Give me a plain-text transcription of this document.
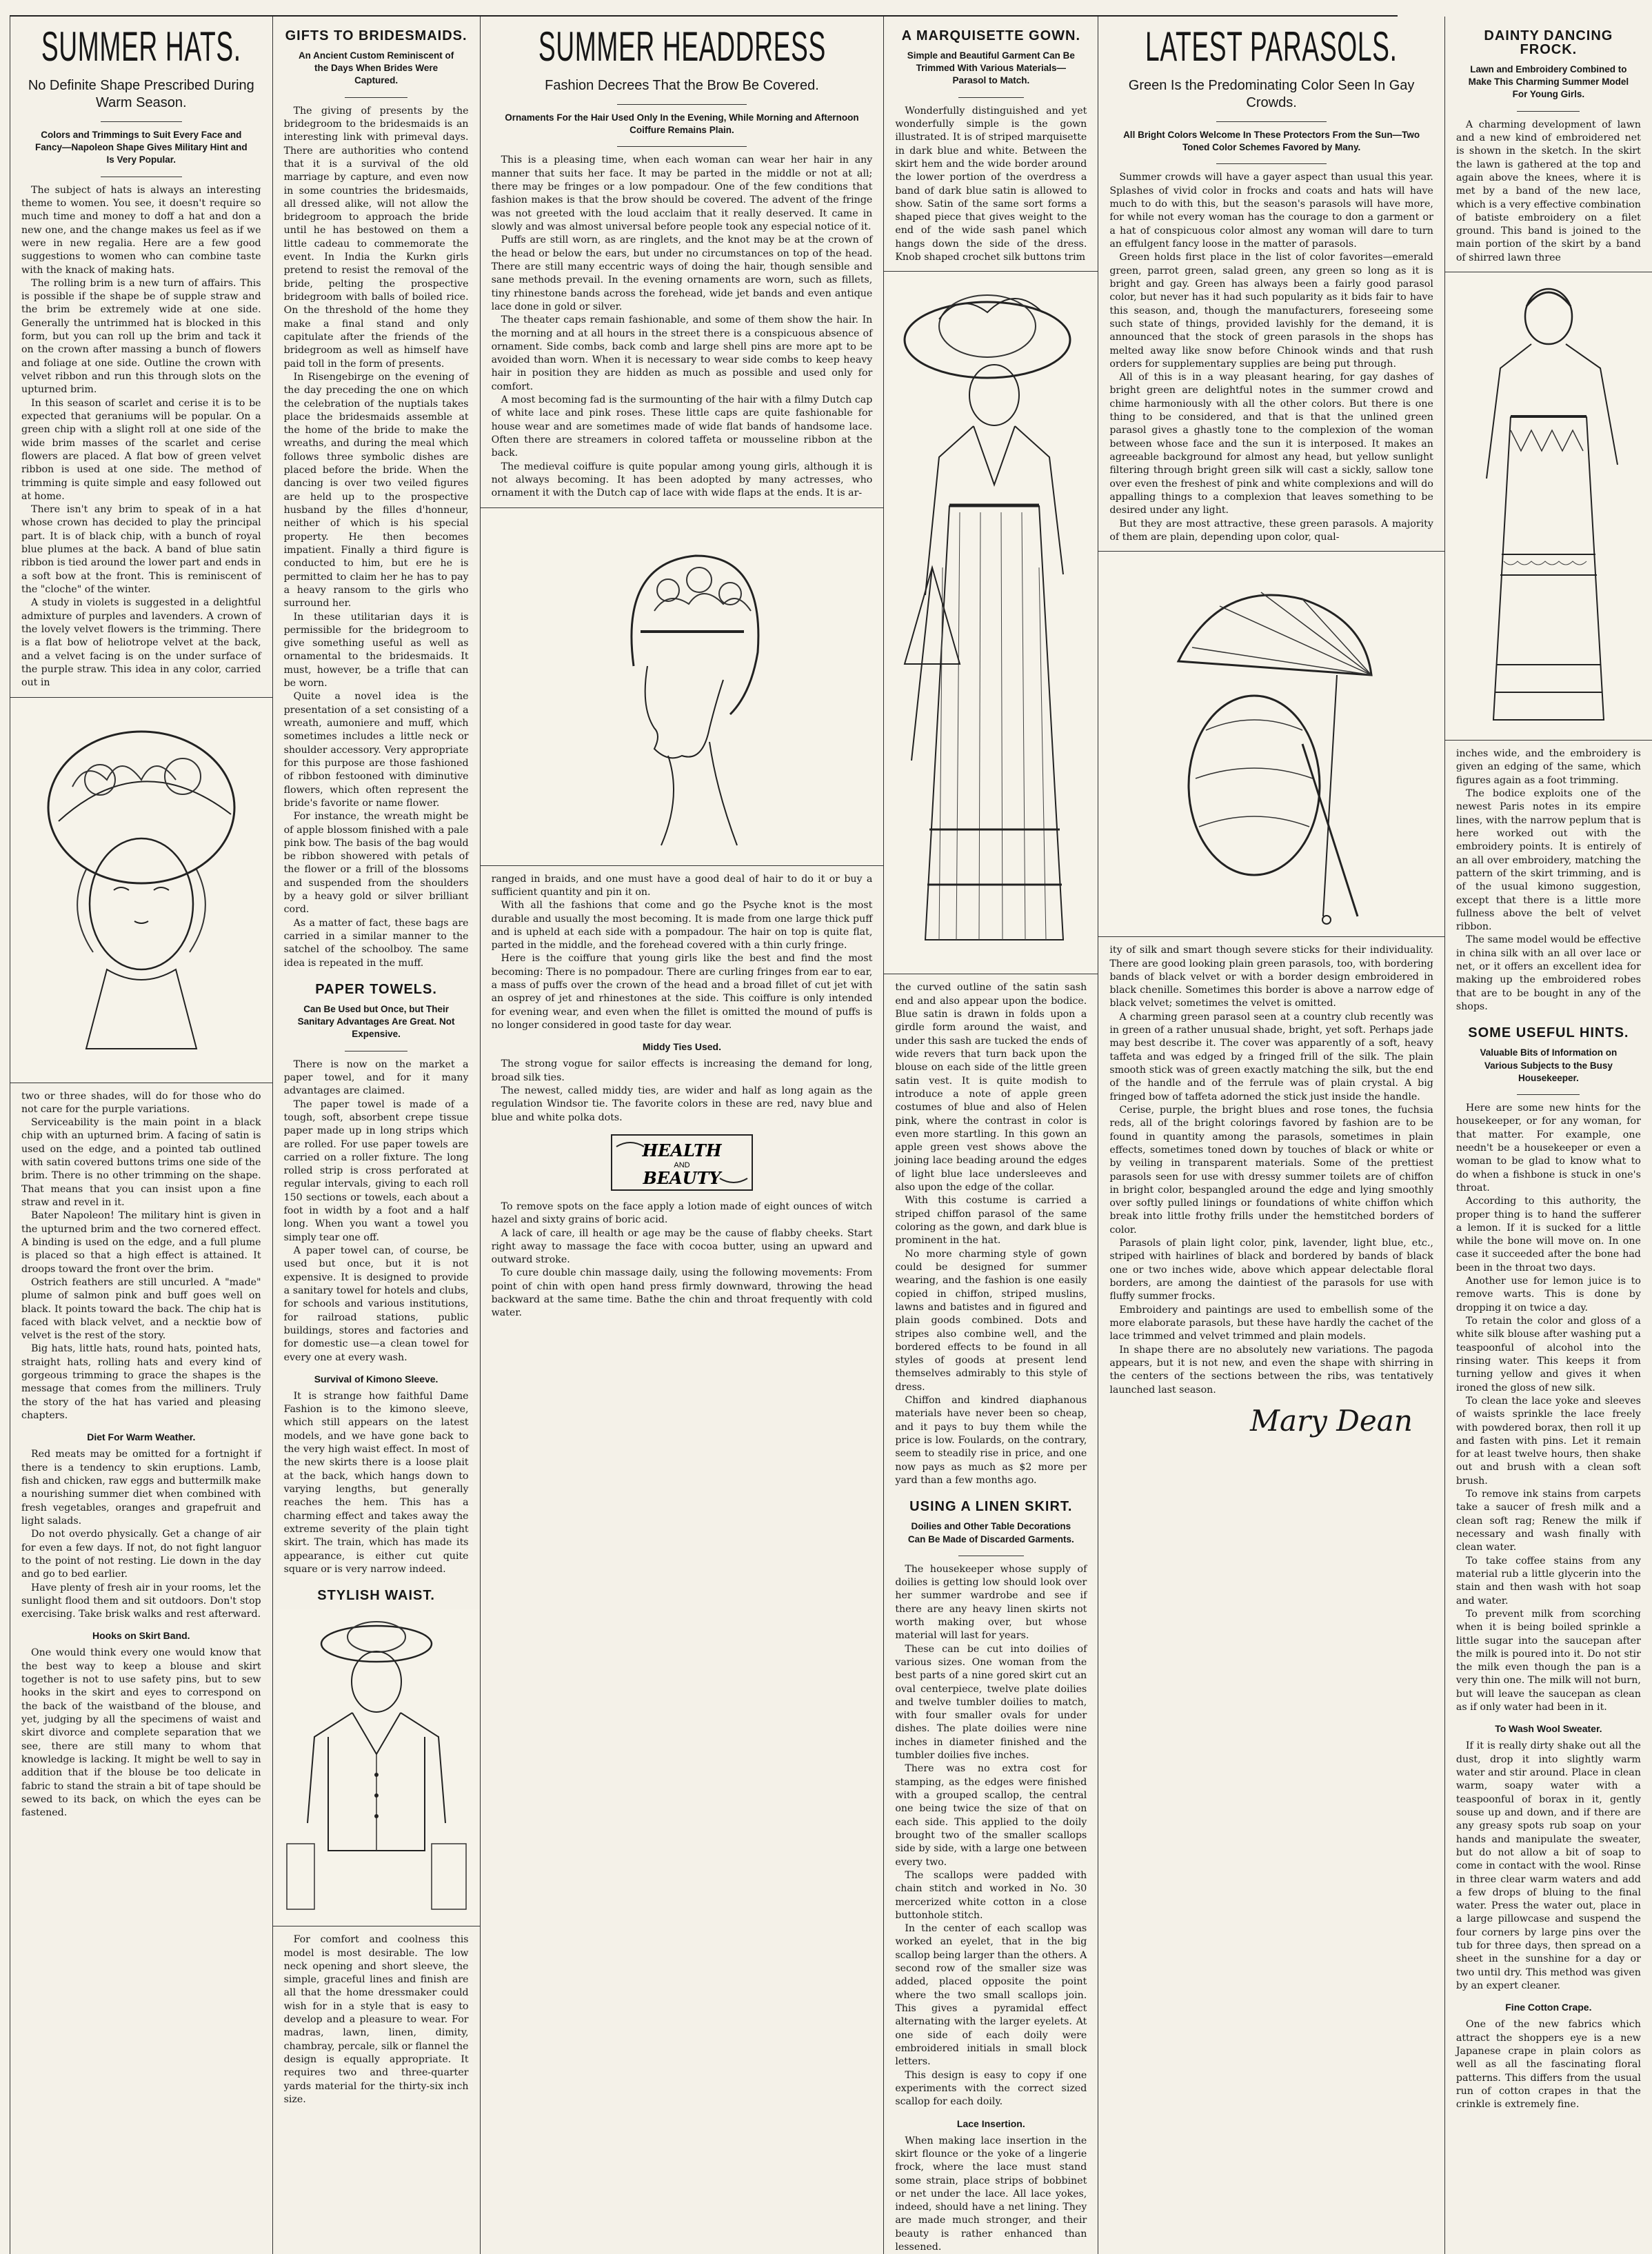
SUMMER HATS.
No Definite Shape Prescribed During Warm Season.
Colors and Trimmings to Suit Every Face and Fancy—Napoleon Shape Gives Military Hint and Is Very Popular.

The subject of hats is always an interesting theme to women. You see, it doesn't require so much time and money to doff a hat and don a new one, and the change makes us feel as if we were in new regalia. Here are a few good suggestions to women who can combine taste with the knack of making hats.

The rolling brim is a new turn of affairs. This is possible if the shape be of supple straw and the brim be extremely wide at one side. Generally the untrimmed hat is blocked in this form, but you can roll up the brim and tack it on the crown after massing a bunch of flowers and foliage at one side. Outline the crown with velvet ribbon and run this through slots on the upturned brim.

In this season of scarlet and cerise it is to be expected that geraniums will be popular. On a green chip with a slight roll at one side of the wide brim masses of the scarlet and cerise flowers are placed. A flat bow of green velvet ribbon is used at one side. The method of trimming is quite simple and easy followed out at home.

There isn't any brim to speak of in a hat whose crown has decided to play the principal part. It is of black chip, with a bunch of royal blue plumes at the back. A band of blue satin ribbon is tied around the lower part and ends in a soft bow at the front. This is reminiscent of the "cloche" of the winter.

A study in violets is suggested in a delightful admixture of purples and lavenders. A crown of the lovely velvet flowers is the trimming. There is a flat bow of heliotrope velvet at the back, and a velvet facing is on the under surface of the purple straw. This idea in any color, carried out in

two or three shades, will do for those who do not care for the purple variations.

Serviceability is the main point in a black chip with an upturned brim. A facing of satin is used on the edge, and a pointed tab outlined with satin covered buttons trims one side of the brim. There is no other trimming on the shape. That means that you can insist upon a fine straw and revel in it.

Bater Napoleon! The military hint is given in the upturned brim and the two cornered effect. A binding is used on the edge, and a full plume is placed so that a high effect is attained. It droops toward the front over the brim.

Ostrich feathers are still uncurled. A "made" plume of salmon pink and buff goes well on black. It points toward the back. The chip hat is faced with black velvet, and a necktie bow of velvet is the rest of the story.

Big hats, little hats, round hats, pointed hats, straight hats, rolling hats and every kind of gorgeous trimming to grace the shapes is the message that comes from the milliners. Truly the story of the hat has varied and pleasing chapters.

Diet For Warm Weather.

Red meats may be omitted for a fortnight if there is a tendency to skin eruptions. Lamb, fish and chicken, raw eggs and buttermilk make a nourishing summer diet when combined with fresh vegetables, oranges and grapefruit and light salads.

Do not overdo physically. Get a change of air for even a few days. If not, do not fight languor to the point of not resting. Lie down in the day and go to bed earlier.

Have plenty of fresh air in your rooms, let the sunlight flood them and sit outdoors. Don't stop exercising. Take brisk walks and rest afterward.

Hooks on Skirt Band.

One would think every one would know that the best way to keep a blouse and skirt together is not to use safety pins, but to sew hooks in the skirt and eyes to correspond on the back of the waistband of the blouse, and yet, judging by all the specimens of waist and skirt divorce and complete separation that we see, there are still many to whom that knowledge is lacking. It might be well to say in addition that if the blouse be too delicate in fabric to stand the strain a bit of tape should be sewed to its back, on which the eyes can be fastened.

GIFTS TO BRIDESMAIDS.
An Ancient Custom Reminiscent of the Days When Brides Were Captured.

The giving of presents by the bridegroom to the bridesmaids is an interesting link with primeval days. There are authorities who contend that it is a survival of the old marriage by capture, and even now in some countries the bridesmaids, all dressed alike, will not allow the bridegroom to approach the bride until he has bestowed on them a little cadeau to commemorate the event. In India the Kurkn girls pretend to resist the removal of the bride, pelting the prospective bridegroom with balls of boiled rice. On the threshold of the home they make a final stand and only capitulate after the friends of the bridegroom as well as himself have paid toll in the form of presents.

In Risengebirge on the evening of the day preceding the one on which the celebration of the nuptials takes place the bridesmaids assemble at the home of the bride to make the wreaths, and during the meal which follows three symbolic dishes are placed before the bride. When the dancing is over two veiled figures are held up to the prospective husband by the filles d'honneur, neither of which is his special property. He then becomes impatient. Finally a third figure is conducted to him, but ere he is permitted to claim her he has to pay a heavy ransom to the girls who surround her.

In these utilitarian days it is permissible for the bridegroom to give something useful as well as ornamental to the bridesmaids. It must, however, be a trifle that can be worn.

Quite a novel idea is the presentation of a set consisting of a wreath, aumoniere and muff, which sometimes includes a little neck or shoulder accessory. Very appropriate for this purpose are those fashioned of ribbon festooned with diminutive flowers, which often represent the bride's favorite or name flower.

For instance, the wreath might be of apple blossom finished with a pale pink bow. The basis of the bag would be ribbon showered with petals of the flower or a frill of the blossoms and suspended from the shoulders by a heavy gold or silver brilliant cord.

As a matter of fact, these bags are carried in a similar manner to the satchel of the schoolboy. The same idea is repeated in the muff.

PAPER TOWELS.
Can Be Used but Once, but Their Sanitary Advantages Are Great. Not Expensive.

There is now on the market a paper towel, and for it many advantages are claimed.

The paper towel is made of a tough, soft, absorbent crepe tissue paper made up in long strips which are rolled. For use paper towels are carried on a roller fixture. The long rolled strip is cross perforated at regular intervals, giving to each roll 150 sections or towels, each about a foot in width by a foot and a half long. When you want a towel you simply tear one off.

A paper towel can, of course, be used but once, but it is not expensive. It is designed to provide a sanitary towel for hotels and clubs, for schools and various institutions, for railroad stations, public buildings, stores and factories and for domestic use—a clean towel for every one at every wash.

Survival of Kimono Sleeve.

It is strange how faithful Dame Fashion is to the kimono sleeve, which still appears on the latest models, and we have gone back to the very high waist effect. In most of the new skirts there is a loose plait at the back, which hangs down to varying lengths, but generally reaches the hem. This has a charming effect and takes away the extreme severity of the plain tight skirt. The train, which has made its appearance, is either cut quite square or is very narrow indeed.

STYLISH WAIST.

For comfort and coolness this model is most desirable. The low neck opening and short sleeve, the simple, graceful lines and finish are all that the home dressmaker could wish for in a style that is easy to develop and a pleasure to wear. For madras, lawn, linen, dimity, chambray, percale, silk or flannel the design is equally appropriate. It requires two and three-quarter yards material for the thirty-six inch size.

SUMMER HEADDRESS
Fashion Decrees That the Brow Be Covered.
Ornaments For the Hair Used Only In the Evening, While Morning and Afternoon Coiffure Remains Plain.

This is a pleasing time, when each woman can wear her hair in any manner that suits her face. It may be parted in the middle or not at all; there may be fringes or a low pompadour. One of the few conditions that fashion makes is that the brow should be covered. The advent of the fringe was not greeted with the loud acclaim that it really deserved. It came in slowly and was almost universal before people took any especial notice of it.

Puffs are still worn, as are ringlets, and the knot may be at the crown of the head or below the ears, but under no circumstances on top of the head. There are still many eccentric ways of doing the hair, though sensible and sane methods prevail. In the evening ornaments are worn, such as fillets, tiny rhinestone bands across the forehead, wide jet bands and even antique lace done in gold or silver.

The theater caps remain fashionable, and some of them show the hair. In the morning and at all hours in the street there is a conspicuous absence of ornament. Side combs, back comb and large shell pins are more apt to be avoided than worn. When it is necessary to wear side combs to keep heavy hair in position they are hidden as much as possible and used only for comfort.

A most becoming fad is the surmounting of the hair with a filmy Dutch cap of white lace and pink roses. These little caps are quite fashionable for house wear and are sometimes made of wide flat bands of handsome lace. Often there are streamers in colored taffeta or mousseline ribbon at the back.

The medieval coiffure is quite popular among young girls, although it is not always becoming. It has been adopted by many actresses, who ornament it with the Dutch cap of lace with wide flaps at the ends. It is ar-

ranged in braids, and one must have a good deal of hair to do it or buy a sufficient quantity and pin it on.

With all the fashions that come and go the Psyche knot is the most durable and usually the most becoming. It is made from one large thick puff and is upheld at each side with a pompadour. The hair on top is quite flat, parted in the middle, and the forehead covered with a thin curly fringe.

Here is the coiffure that young girls like the best and find the most becoming: There is no pompadour. There are curling fringes from ear to ear, a mass of puffs over the crown of the head and a broad fillet of cut jet with an osprey of jet and rhinestones at the side. This coiffure is only intended for evening wear, and even when the fillet is omitted the mound of puffs is no longer considered in good taste for day wear.

Middy Ties Used.

The strong vogue for sailor effects is increasing the demand for long, broad silk ties.

The newest, called middy ties, are wider and half as long again as the regulation Windsor tie. The favorite colors in these are red, navy blue and blue and white polka dots.

HEALTH
AND
BEAUTY

To remove spots on the face apply a lotion made of eight ounces of witch hazel and sixty grains of boric acid.

A lack of care, ill health or age may be the cause of flabby cheeks. Start right away to massage the face with cocoa butter, using an upward and outward stroke.

To cure double chin massage daily, using the following movements: From point of chin with open hand press firmly downward, throwing the head backward at the same time. Bathe the chin and throat frequently with cold water.

A MARQUISETTE GOWN.
Simple and Beautiful Garment Can Be Trimmed With Various Materials—Parasol to Match.

Wonderfully distinguished and yet wonderfully simple is the gown illustrated. It is of striped marquisette in dark blue and white. Between the skirt hem and the wide border around the lower portion of the overdress a band of dark blue satin is allowed to show. Satin of the same sort forms a shaped piece that gives weight to the end of the wide sash panel which hangs down the side of the dress. Knob shaped crochet silk buttons trim

the curved outline of the satin sash end and also appear upon the bodice. Blue satin is drawn in folds upon a girdle form around the waist, and under this sash are tucked the ends of wide revers that turn back upon the blouse on each side of the little green satin vest. It is quite modish to introduce a note of apple green costumes of blue and also of Helen pink, where the contrast in color is even more startling. In this gown an apple green vest shows above the joining lace beading around the edges of light blue lace undersleeves and also upon the edge of the collar.

With this costume is carried a striped chiffon parasol of the same coloring as the gown, and dark blue is prominent in the hat.

No more charming style of gown could be designed for summer wearing, and the fashion is one easily copied in chiffon, striped muslins, lawns and batistes and in figured and plain goods combined. Dots and stripes also combine well, and the bordered effects to be found in all styles of goods at present lend themselves admirably to this style of dress.

Chiffon and kindred diaphanous materials have never been so cheap, and it pays to buy them while the price is low. Foulards, on the contrary, seem to steadily rise in price, and one now pays as much as $2 more per yard than a few months ago.

USING A LINEN SKIRT.
Doilies and Other Table Decorations Can Be Made of Discarded Garments.

The housekeeper whose supply of doilies is getting low should look over her summer wardrobe and see if there are any heavy linen skirts not worth making over, but whose material will last for years.

These can be cut into doilies of various sizes. One woman from the best parts of a nine gored skirt cut an oval centerpiece, twelve plate doilies and twelve tumbler doilies to match, with four smaller ovals for under dishes. The plate doilies were nine inches in diameter finished and the tumbler doilies five inches.

There was no extra cost for stamping, as the edges were finished with a grouped scallop, the central one being twice the size of that on each side. This applied to the doily brought two of the smaller scallops side by side, with a large one between every two.

The scallops were padded with chain stitch and worked in No. 30 mercerized white cotton in a close buttonhole stitch.

In the center of each scallop was worked an eyelet, that in the big scallop being larger than the others. A second row of the smaller size was added, placed opposite the point where the two small scallops join. This gives a pyramidal effect alternating with the larger eyelets. At one side of each doily were embroidered initials in small block letters.

This design is easy to copy if one experiments with the correct sized scallop for each doily.

Lace Insertion.

When making lace insertion in the skirt flounce or the yoke of a lingerie frock, where the lace must stand some strain, place strips of bobbinet or net under the lace. All lace yokes, indeed, should have a net lining. They are made much stronger, and their beauty is rather enhanced than lessened.

LATEST PARASOLS.
Green Is the Predominating Color Seen In Gay Crowds.
All Bright Colors Welcome In These Protectors From the Sun—Two Toned Color Schemes Favored by Many.

Summer crowds will have a gayer aspect than usual this year. Splashes of vivid color in frocks and coats and hats will have much to do with this, but the season's parasols will have more, for while not every woman has the courage to don a garment or a hat of conspicuous color almost any woman will dare to turn an effulgent fancy loose in the matter of parasols.

Green holds first place in the list of color favorites—emerald green, parrot green, salad green, any green so long as it is bright and gay. Green has always been a fairly good parasol color, but never has it had such popularity as it bids fair to have this season, and, though the manufacturers, foreseeing some such state of things, provided lavishly for the demand, it is announced that the stock of green parasols in the shops has melted away like snow before Chinook winds and that rush orders for supplementary supplies are being put through.

All of this is in a way pleasant hearing, for gay dashes of bright green are delightful notes in the summer crowd and chime harmoniously with all the other colors. But there is one thing to be considered, and that is that the unlined green parasol gives a ghastly tone to the complexion of the woman between whose face and the sun it is interposed. It makes an agreeable background for almost any head, but yellow sunlight filtering through bright green silk will cast a sickly, sallow tone over even the freshest of pink and white complexions and will do appalling things to a complexion that leaves something to be desired under any light.

But they are most attractive, these green parasols. A majority of them are plain, depending upon color, qual-

ity of silk and smart though severe sticks for their individuality. There are good looking plain green parasols, too, with bordering bands of black velvet or with a border design embroidered in black chenille. Sometimes this border is above a narrow edge of black velvet; sometimes the velvet is omitted.

A charming green parasol seen at a country club recently was in green of a rather unusual shade, bright, yet soft. Perhaps jade may best describe it. The cover was apparently of a soft, heavy taffeta and was edged by a fringed frill of the silk. The plain smooth stick was of green exactly matching the silk, but the end of the handle and of the ferrule was of plain crystal. A big fringed bow of taffeta adorned the stick just inside the handle.

Cerise, purple, the bright blues and rose tones, the fuchsia reds, all of the bright colorings favored by fashion are to be found in quantity among the parasols, sometimes in plain effects, sometimes toned down by touches of black or white or by veiling in transparent materials. Some of the prettiest parasols seen for use with dressy summer toilets are of chiffon in bright color, bespangled around the edge and lying smoothly over softly pulled linings or foundations of white chiffon which break into little frothy frills under the hemstitched borders of color.

Parasols of plain light color, pink, lavender, light blue, etc., striped with hairlines of black and bordered by bands of black one or two inches wide, above which appear delectable floral borders, are among the daintiest of the parasols for use with fluffy summer frocks.

Embroidery and paintings are used to embellish some of the more elaborate parasols, but these have hardly the cachet of the lace trimmed and velvet trimmed and plain models.

In shape there are no absolutely new variations. The pagoda appears, but it is not new, and even the shape with shirring in the centers of the sections between the ribs, was tentatively launched last season.

Mary Dean
DAINTY DANCING FROCK.
Lawn and Embroidery Combined to Make This Charming Summer Model For Young Girls.

A charming development of lawn and a new kind of embroidered net is shown in the sketch. In the skirt the lawn is gathered at the top and again above the knees, where it is met by a band of the new lace, which is a very effective combination of batiste embroidery on a filet ground. This band is joined to the main portion of the skirt by a band of shirred lawn three

inches wide, and the embroidery is given an edging of the same, which figures again as a foot trimming.

The bodice exploits one of the newest Paris notes in its empire lines, with the narrow peplum that is here worked out with the embroidery points. It is entirely of an all over embroidery, matching the pattern of the skirt trimming, and is of the usual kimono suggestion, except that there is a little more fullness above the belt of velvet ribbon.

The same model would be effective in china silk with an all over lace or net, or it offers an excellent idea for making up the embroidered robes that are to be bought in any of the shops.

SOME USEFUL HINTS.
Valuable Bits of Information on Various Subjects to the Busy Housekeeper.

Here are some new hints for the housekeeper, or for any woman, for that matter. For example, one needn't be a housekeeper or even a woman to be glad to know what to do when a fishbone is stuck in one's throat.

According to this authority, the proper thing is to hand the sufferer a lemon. If it is sucked for a little while the bone will move on. In one case it succeeded after the bone had been in the throat two days.

Another use for lemon juice is to remove warts. This is done by dropping it on twice a day.

To retain the color and gloss of a white silk blouse after washing put a teaspoonful of alcohol into the rinsing water. This keeps it from turning yellow and gives it when ironed the gloss of new silk.

To clean the lace yoke and sleeves of waists sprinkle the lace freely with powdered borax, then roll it up and fasten with pins. Let it remain for at least twelve hours, then shake out and brush with a clean soft brush.

To remove ink stains from carpets take a saucer of fresh milk and a clean soft rag; Renew the milk if necessary and wash finally with clean water.

To take coffee stains from any material rub a little glycerin into the stain and then wash with hot soap and water.

To prevent milk from scorching when it is being boiled sprinkle a little sugar into the saucepan after the milk is poured into it. Do not stir the milk even though the pan is a very thin one. The milk will not burn, but will leave the saucepan as clean as if only water had been in it.

To Wash Wool Sweater.

If it is really dirty shake out all the dust, drop it into slightly warm water and stir around. Place in clean warm, soapy water with a teaspoonful of borax in it, gently souse up and down, and if there are any greasy spots rub soap on your hands and manipulate the sweater, but do not allow a bit of soap to come in contact with the wool. Rinse in three clear warm waters and add a few drops of bluing to the final water. Press the water out, place in a large pillowcase and suspend the four corners by large pins over the tub for three days, then spread on a sheet in the sunshine for a day or two until dry. This method was given by an expert cleaner.

Fine Cotton Crape.

One of the new fabrics which attract the shoppers eye is a new Japanese crape in plain colors as well as all the fascinating floral patterns. This differs from the usual run of cotton crapes in that the crinkle is extremely fine.
